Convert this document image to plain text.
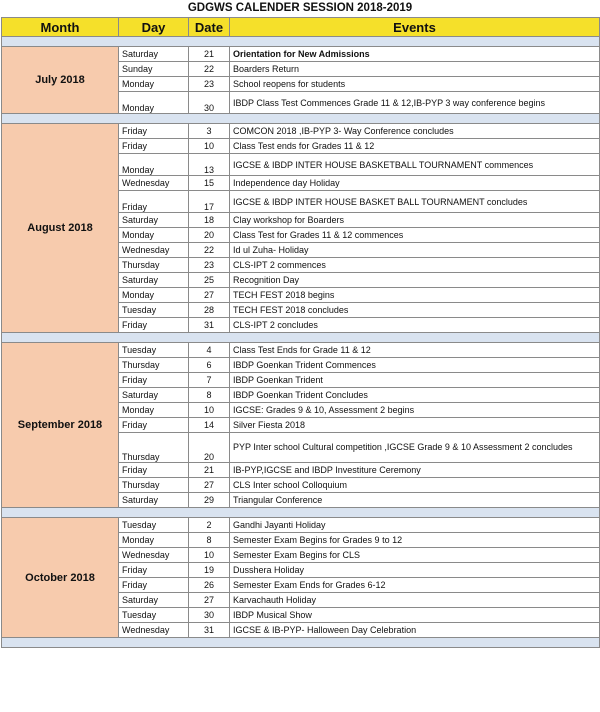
GDGWS CALENDER SESSION 2018-2019
Month	Day	Date	Events

July 2018	Saturday	21	Orientation for New Admissions
	Sunday	22	Boarders Return
	Monday	23	School reopens for students
	Monday	30	IBDP Class Test Commences Grade 11 & 12,IB-PYP 3 way conference begins

August 2018	Friday	3	COMCON 2018 ,IB-PYP 3- Way Conference concludes
	Friday	10	Class Test ends for Grades 11 & 12
	Monday	13	IGCSE & IBDP INTER HOUSE BASKETBALL TOURNAMENT commences
	Wednesday	15	Independence day Holiday
	Friday	17	IGCSE & IBDP INTER HOUSE BASKET BALL TOURNAMENT concludes
	Saturday	18	Clay workshop for Boarders
	Monday	20	Class Test for Grades 11 & 12 commences
	Wednesday	22	Id ul Zuha- Holiday
	Thursday	23	CLS-IPT 2 commences
	Saturday	25	Recognition Day
	Monday	27	TECH FEST 2018 begins
	Tuesday	28	TECH FEST 2018 concludes
	Friday	31	CLS-IPT 2 concludes

September 2018	Tuesday	4	Class Test Ends for Grade 11 & 12
	Thursday	6	IBDP Goenkan Trident Commences
	Friday	7	IBDP Goenkan Trident
	Saturday	8	IBDP Goenkan Trident Concludes
	Monday	10	IGCSE: Grades 9 & 10, Assessment 2 begins
	Friday	14	Silver Fiesta 2018
	Thursday	20	PYP Inter school Cultural competition ,IGCSE Grade 9 & 10 Assessment 2 concludes
	Friday	21	IB-PYP,IGCSE and IBDP Investiture Ceremony
	Thursday	27	CLS Inter school Colloquium
	Saturday	29	Triangular Conference

October 2018	Tuesday	2	Gandhi Jayanti Holiday
	Monday	8	Semester Exam Begins for Grades 9 to 12
	Wednesday	10	Semester Exam Begins for CLS
	Friday	19	Dusshera Holiday
	Friday	26	Semester Exam Ends for Grades 6-12
	Saturday	27	Karvachauth Holiday
	Tuesday	30	IBDP Musical Show
	Wednesday	31	IGCSE & IB-PYP- Halloween Day Celebration
